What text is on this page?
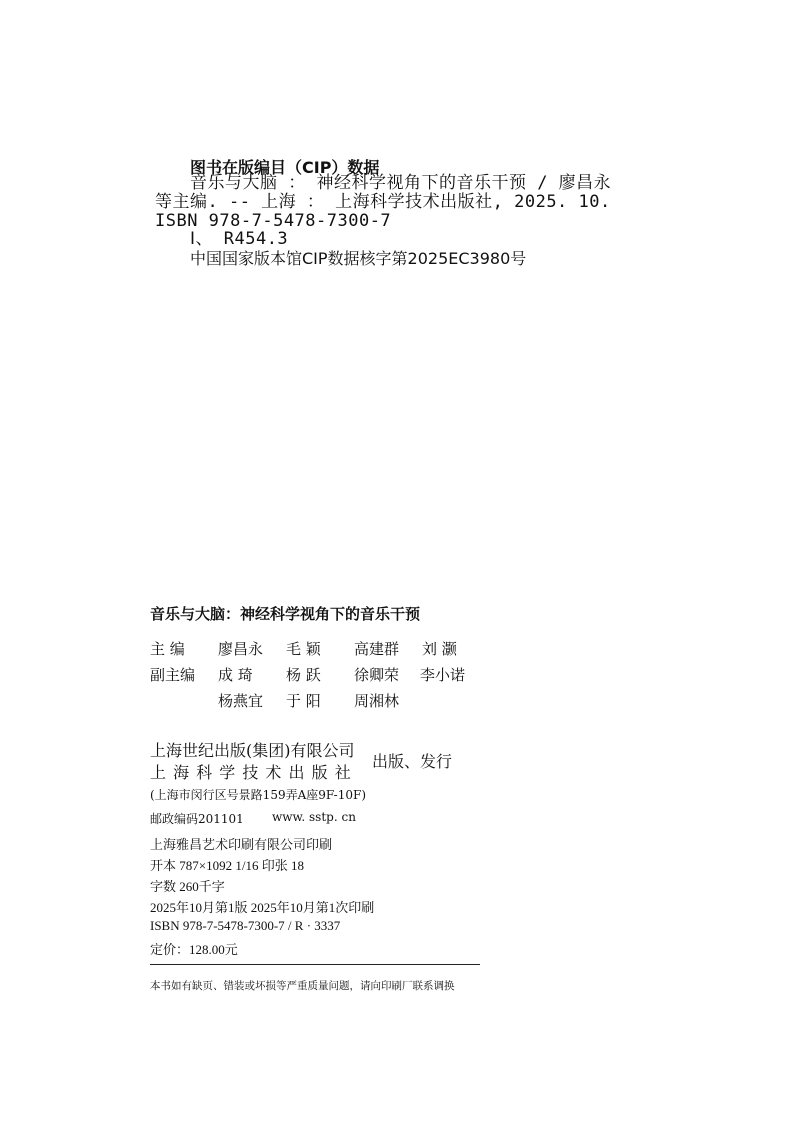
图书在版编目（CIP）数据
音乐与大脑 ： 神经科学视角下的音乐干预 / 廖昌永
等主编. -- 上海 ： 上海科学技术出版社, 2025. 10.
ISBN 978-7-5478-7300-7
Ⅰ、 R454.3
中国国家版本馆CIP数据核字第2025EC3980号
音乐与大脑：神经科学视角下的音乐干预
主 编 廖昌永 毛 颖 高建群 刘 灏
副主编 成 琦 杨 跃 徐卿荣 李小诺
杨燕宜 于 阳 周湘林
上海世纪出版(集团)有限公司
上 海 科 学 技 术 出 版 社
出版、发行
(上海市闵行区号景路159弄A座9F-10F)
邮政编码201101 www. sstp. cn
上海雅昌艺术印刷有限公司印刷
开本 787×1092 1/16 印张 18
字数 260千字
2025年10月第1版 2025年10月第1次印刷
ISBN 978-7-5478-7300-7 / R · 3337
定价：128.00元
本书如有缺页、错装或坏损等严重质量问题，请向印刷厂联系调换
